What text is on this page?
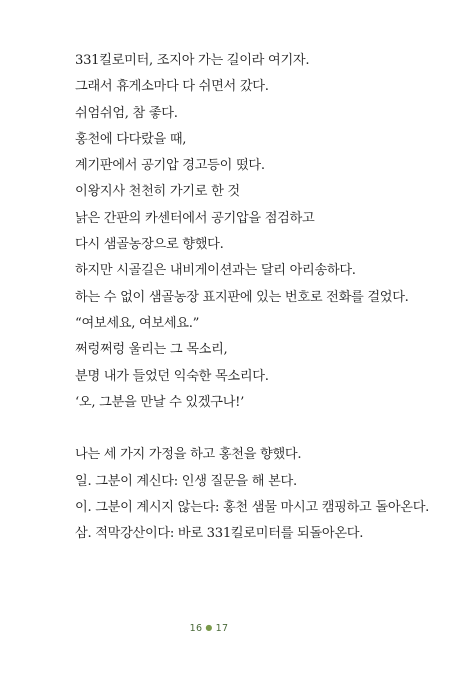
331킬로미터, 조지아 가는 길이라 여기자.
그래서 휴게소마다 다 쉬면서 갔다.
쉬엄쉬엄, 참 좋다.
홍천에 다다랐을 때,
계기판에서 공기압 경고등이 떴다.
이왕지사 천천히 가기로 한 것
낡은 간판의 카센터에서 공기압을 점검하고
다시 샘골농장으로 향했다.
하지만 시골길은 내비게이션과는 달리 아리송하다.
하는 수 없이 샘골농장 표지판에 있는 번호로 전화를 걸었다.
“여보세요, 여보세요.”
쩌렁쩌렁 울리는 그 목소리,
분명 내가 들었던 익숙한 목소리다.
‘오, 그분을 만날 수 있겠구나!’
나는 세 가지 가정을 하고 홍천을 향했다.
일. 그분이 계신다: 인생 질문을 해 본다.
이. 그분이 계시지 않는다: 홍천 샘물 마시고 캠핑하고 돌아온다.
삼. 적막강산이다: 바로 331킬로미터를 되돌아온다.
16 ● 17
